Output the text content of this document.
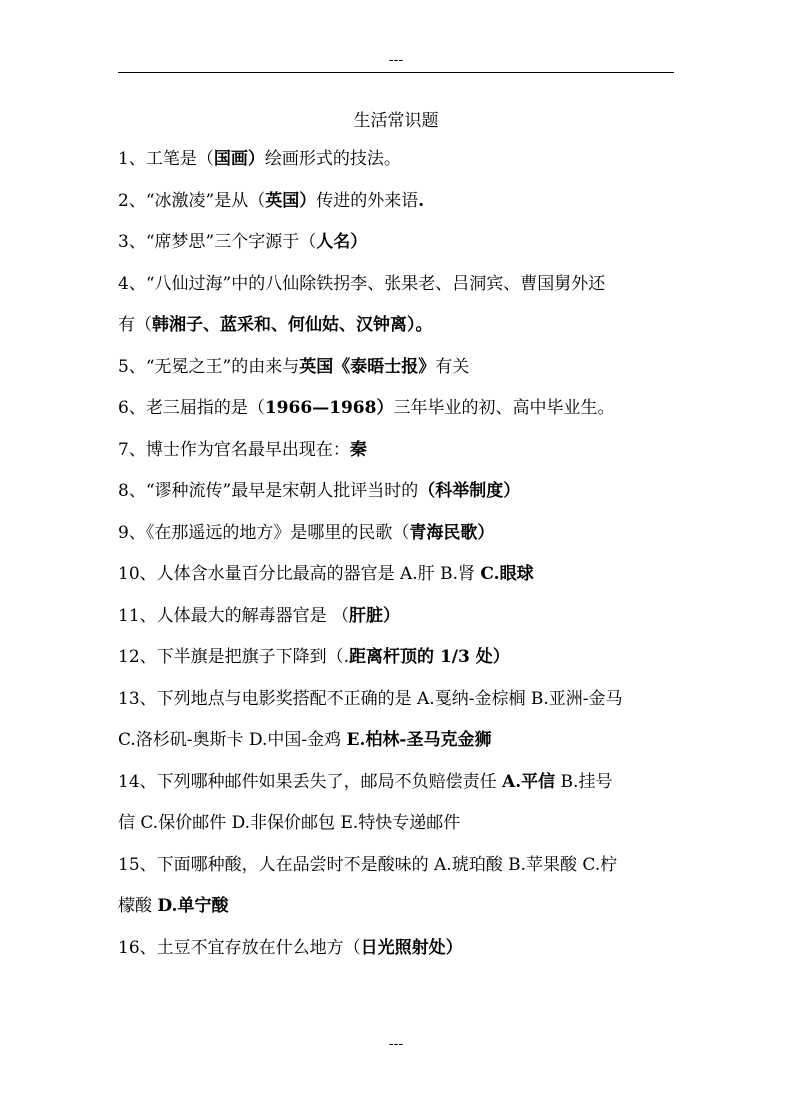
---
生活常识题
1、工笔是（国画）绘画形式的技法。
2、“冰激凌”是从（英国）传进的外来语.
3、“席梦思”三个字源于（人名）
4、“八仙过海”中的八仙除铁拐李、张果老、吕洞宾、曹国舅外还
有（韩湘子、蓝采和、何仙姑、汉钟离）。
5、“无冕之王”的由来与英国《泰晤士报》有关
6、老三届指的是（1966—1968）三年毕业的初、高中毕业生。
7、博士作为官名最早出现在：秦
8、“谬种流传”最早是宋朝人批评当时的（科举制度）
9、《在那遥远的地方》是哪里的民歌（青海民歌）
10、人体含水量百分比最高的器官是 A.肝 B.肾 C.眼球
11、人体最大的解毒器官是 （肝脏）
12、下半旗是把旗子下降到（.距离杆顶的 1/3 处）
13、下列地点与电影奖搭配不正确的是 A.戛纳-金棕榈 B.亚洲-金马
C.洛杉矶-奥斯卡 D.中国-金鸡 E.柏林-圣马克金狮
14、下列哪种邮件如果丢失了，邮局不负赔偿责任 A.平信 B.挂号
信 C.保价邮件 D.非保价邮包 E.特快专递邮件
15、下面哪种酸，人在品尝时不是酸味的 A.琥珀酸 B.苹果酸 C.柠
檬酸 D.单宁酸
16、土豆不宜存放在什么地方（日光照射处）
---
